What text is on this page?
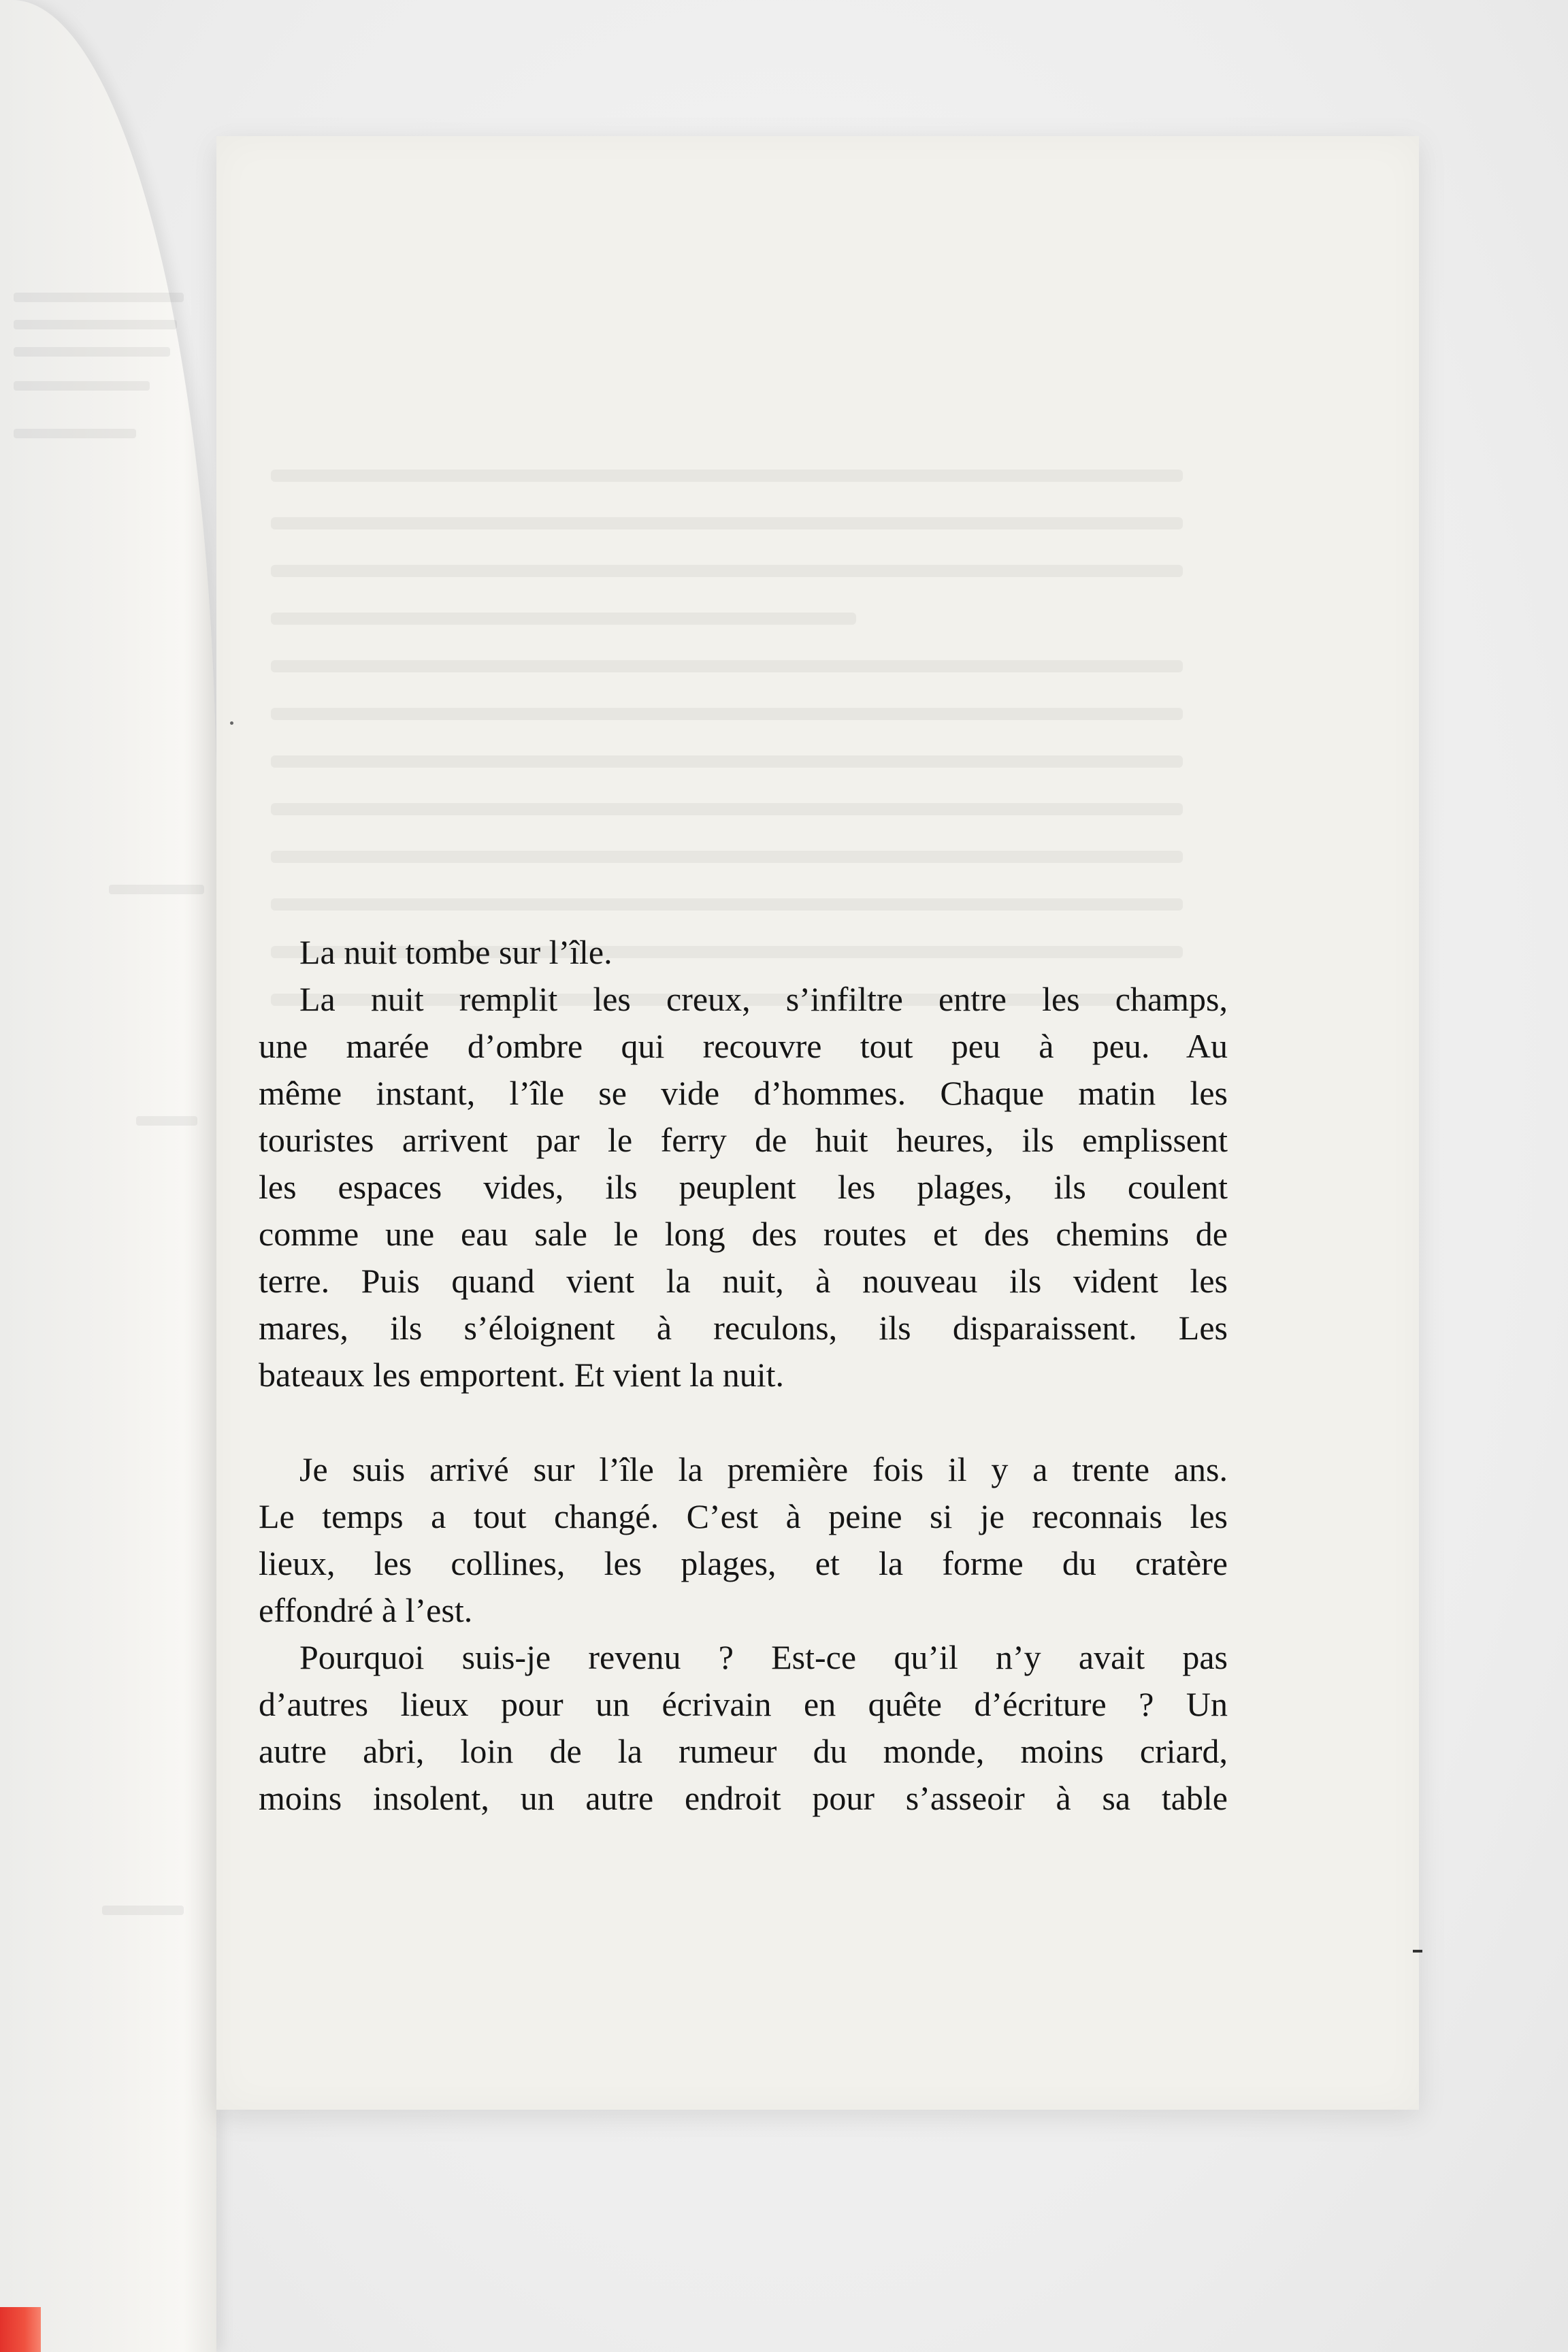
La nuit tombe sur l’île.
La nuit remplit les creux, s’infiltre entre les champs,
une marée d’ombre qui recouvre tout peu à peu. Au
même instant, l’île se vide d’hommes. Chaque matin les
touristes arrivent par le ferry de huit heures, ils emplissent
les espaces vides, ils peuplent les plages, ils coulent
comme une eau sale le long des routes et des chemins de
terre. Puis quand vient la nuit, à nouveau ils vident les
mares, ils s’éloignent à reculons, ils disparaissent. Les
bateaux les emportent. Et vient la nuit.
Je suis arrivé sur l’île la première fois il y a trente ans.
Le temps a tout changé. C’est à peine si je reconnais les
lieux, les collines, les plages, et la forme du cratère
effondré à l’est.
Pourquoi suis-je revenu ? Est-ce qu’il n’y avait pas
d’autres lieux pour un écrivain en quête d’écriture ? Un
autre abri, loin de la rumeur du monde, moins criard,
moins insolent, un autre endroit pour s’asseoir à sa table
